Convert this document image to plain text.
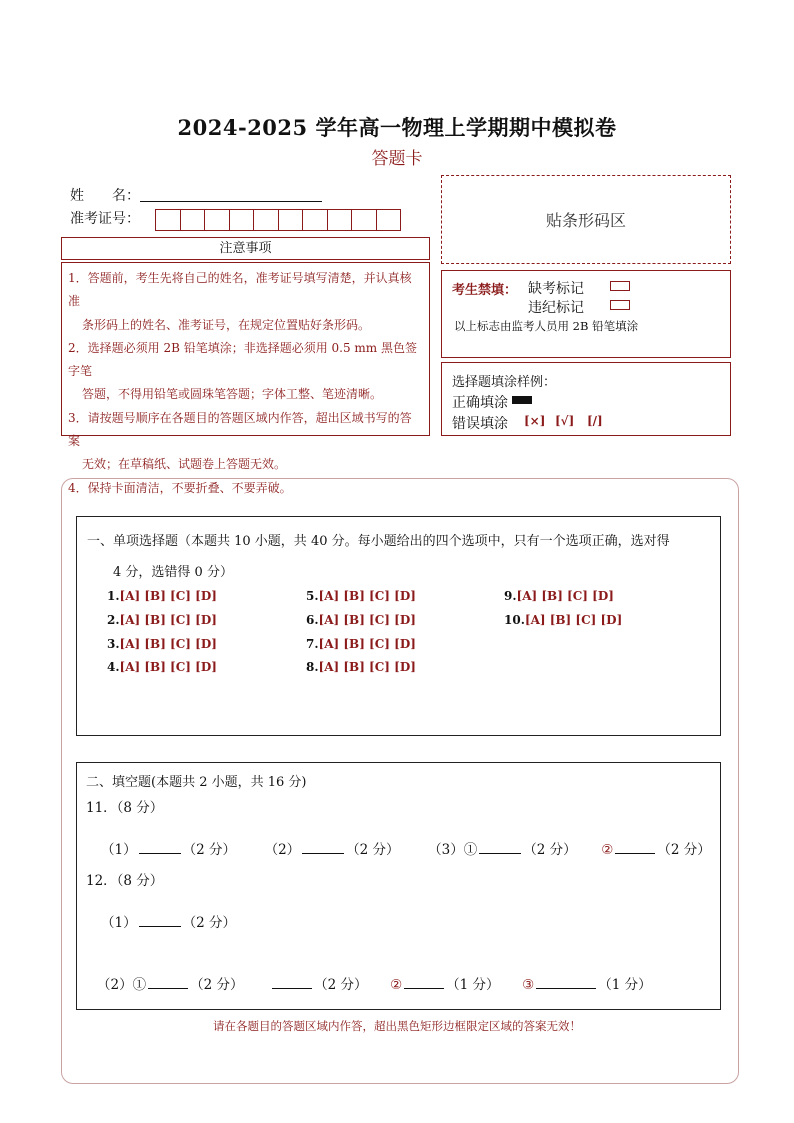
2024-2025 学年高一物理上学期期中模拟卷
答题卡
姓　　名：
准考证号：
注意事项

1．答题前，考生先将自己的姓名，准考证号填写清楚，并认真核准

条形码上的姓名、准考证号，在规定位置贴好条形码。

2．选择题必须用 2B 铅笔填涂；非选择题必须用 0.5 mm 黑色签字笔

答题，不得用铅笔或圆珠笔答题；字体工整、笔迹清晰。

3．请按题号顺序在各题目的答题区域内作答，超出区域书写的答案

无效；在草稿纸、试题卷上答题无效。

4．保持卡面清洁，不要折叠、不要弄破。

贴条形码区
考生禁填： 缺考标记
违纪标记
以上标志由监考人员用 2B 铅笔填涂
选择题填涂样例：
正确填涂
错误填涂 [×] [√] [/]
一、单项选择题（本题共 10 小题，共 40 分。每小题给出的四个选项中，只有一个选项正确，选对得
4 分，选错得 0 分）
1.[A] [B] [C] [D]
2.[A] [B] [C] [D]
3.[A] [B] [C] [D]
4.[A] [B] [C] [D]
5.[A] [B] [C] [D]
6.[A] [B] [C] [D]
7.[A] [B] [C] [D]
8.[A] [B] [C] [D]
9.[A] [B] [C] [D]
10.[A] [B] [C] [D]
二、填空题(本题共 2 小题，共 16 分)
11．（8 分）
（1）	（2 分） （2）	（2 分） （3）①	（2 分） ②	（2 分）
12．（8 分）
（1）	（2 分）
（2）①	（2 分）	（2 分） ②	（1 分） ③	（1 分）
请在各题目的答题区域内作答，超出黑色矩形边框限定区域的答案无效！
